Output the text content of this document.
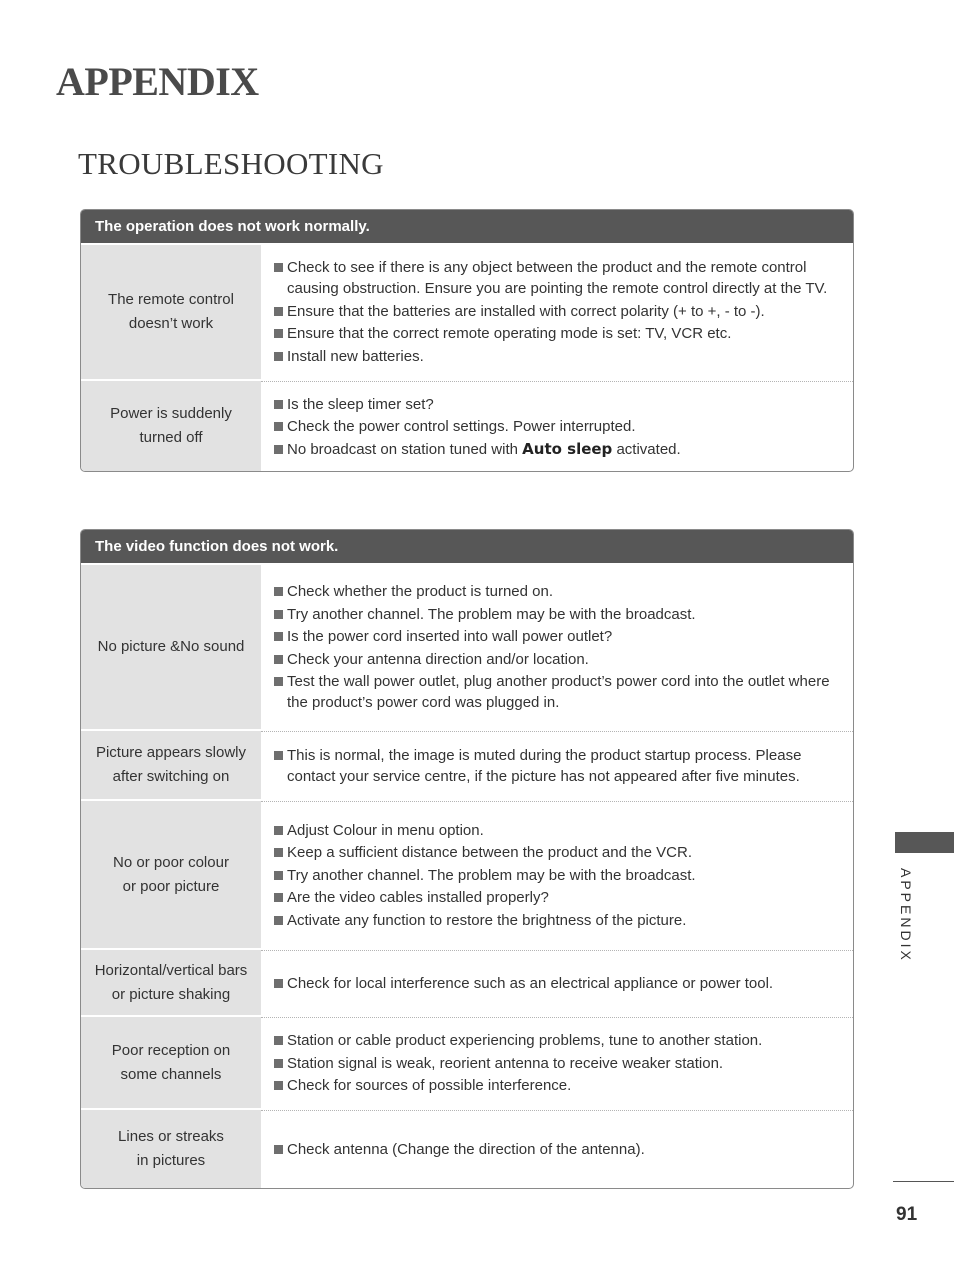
APPENDIX
TROUBLESHOOTING
The operation does not work normally.
The remote control
doesn’t work
Check to see if there is any object between the product and the remote control causing obstruction. Ensure you are pointing the remote control directly at the TV.
Ensure that the batteries are installed with correct polarity (+ to +, - to -).
Ensure that the correct remote operating mode is set: TV, VCR etc.
Install new batteries.
Power is suddenly
turned off
Is the sleep timer set?
Check the power control settings. Power interrupted.
No broadcast on station tuned with Auto sleep activated.
The video function does not work.
No picture &No sound
Check whether the product is turned on.
Try another channel. The problem may be with the broadcast.
Is the power cord inserted into wall power outlet?
Check your antenna direction and/or location.
Test the wall power outlet, plug another product’s power cord into the outlet where the product’s power cord was plugged in.
Picture appears slowly
after switching on
This is normal, the image is muted during the product startup process. Please contact your service centre, if the picture has not appeared after five minutes.
No or poor colour
or poor picture
Adjust Colour in menu option.
Keep a sufficient distance between the product and the VCR.
Try another channel. The problem may be with the broadcast.
Are the video cables installed properly?
Activate any function to restore the brightness of the picture.
Horizontal/vertical bars
or picture shaking
Check for local interference such as an electrical appliance or power tool.
Poor reception on
some channels
Station or cable product experiencing problems, tune to another station.
Station signal is weak, reorient antenna to receive weaker station.
Check for sources of possible interference.
Lines or streaks
in pictures
Check antenna (Change the direction of the antenna).
APPENDIX
91
